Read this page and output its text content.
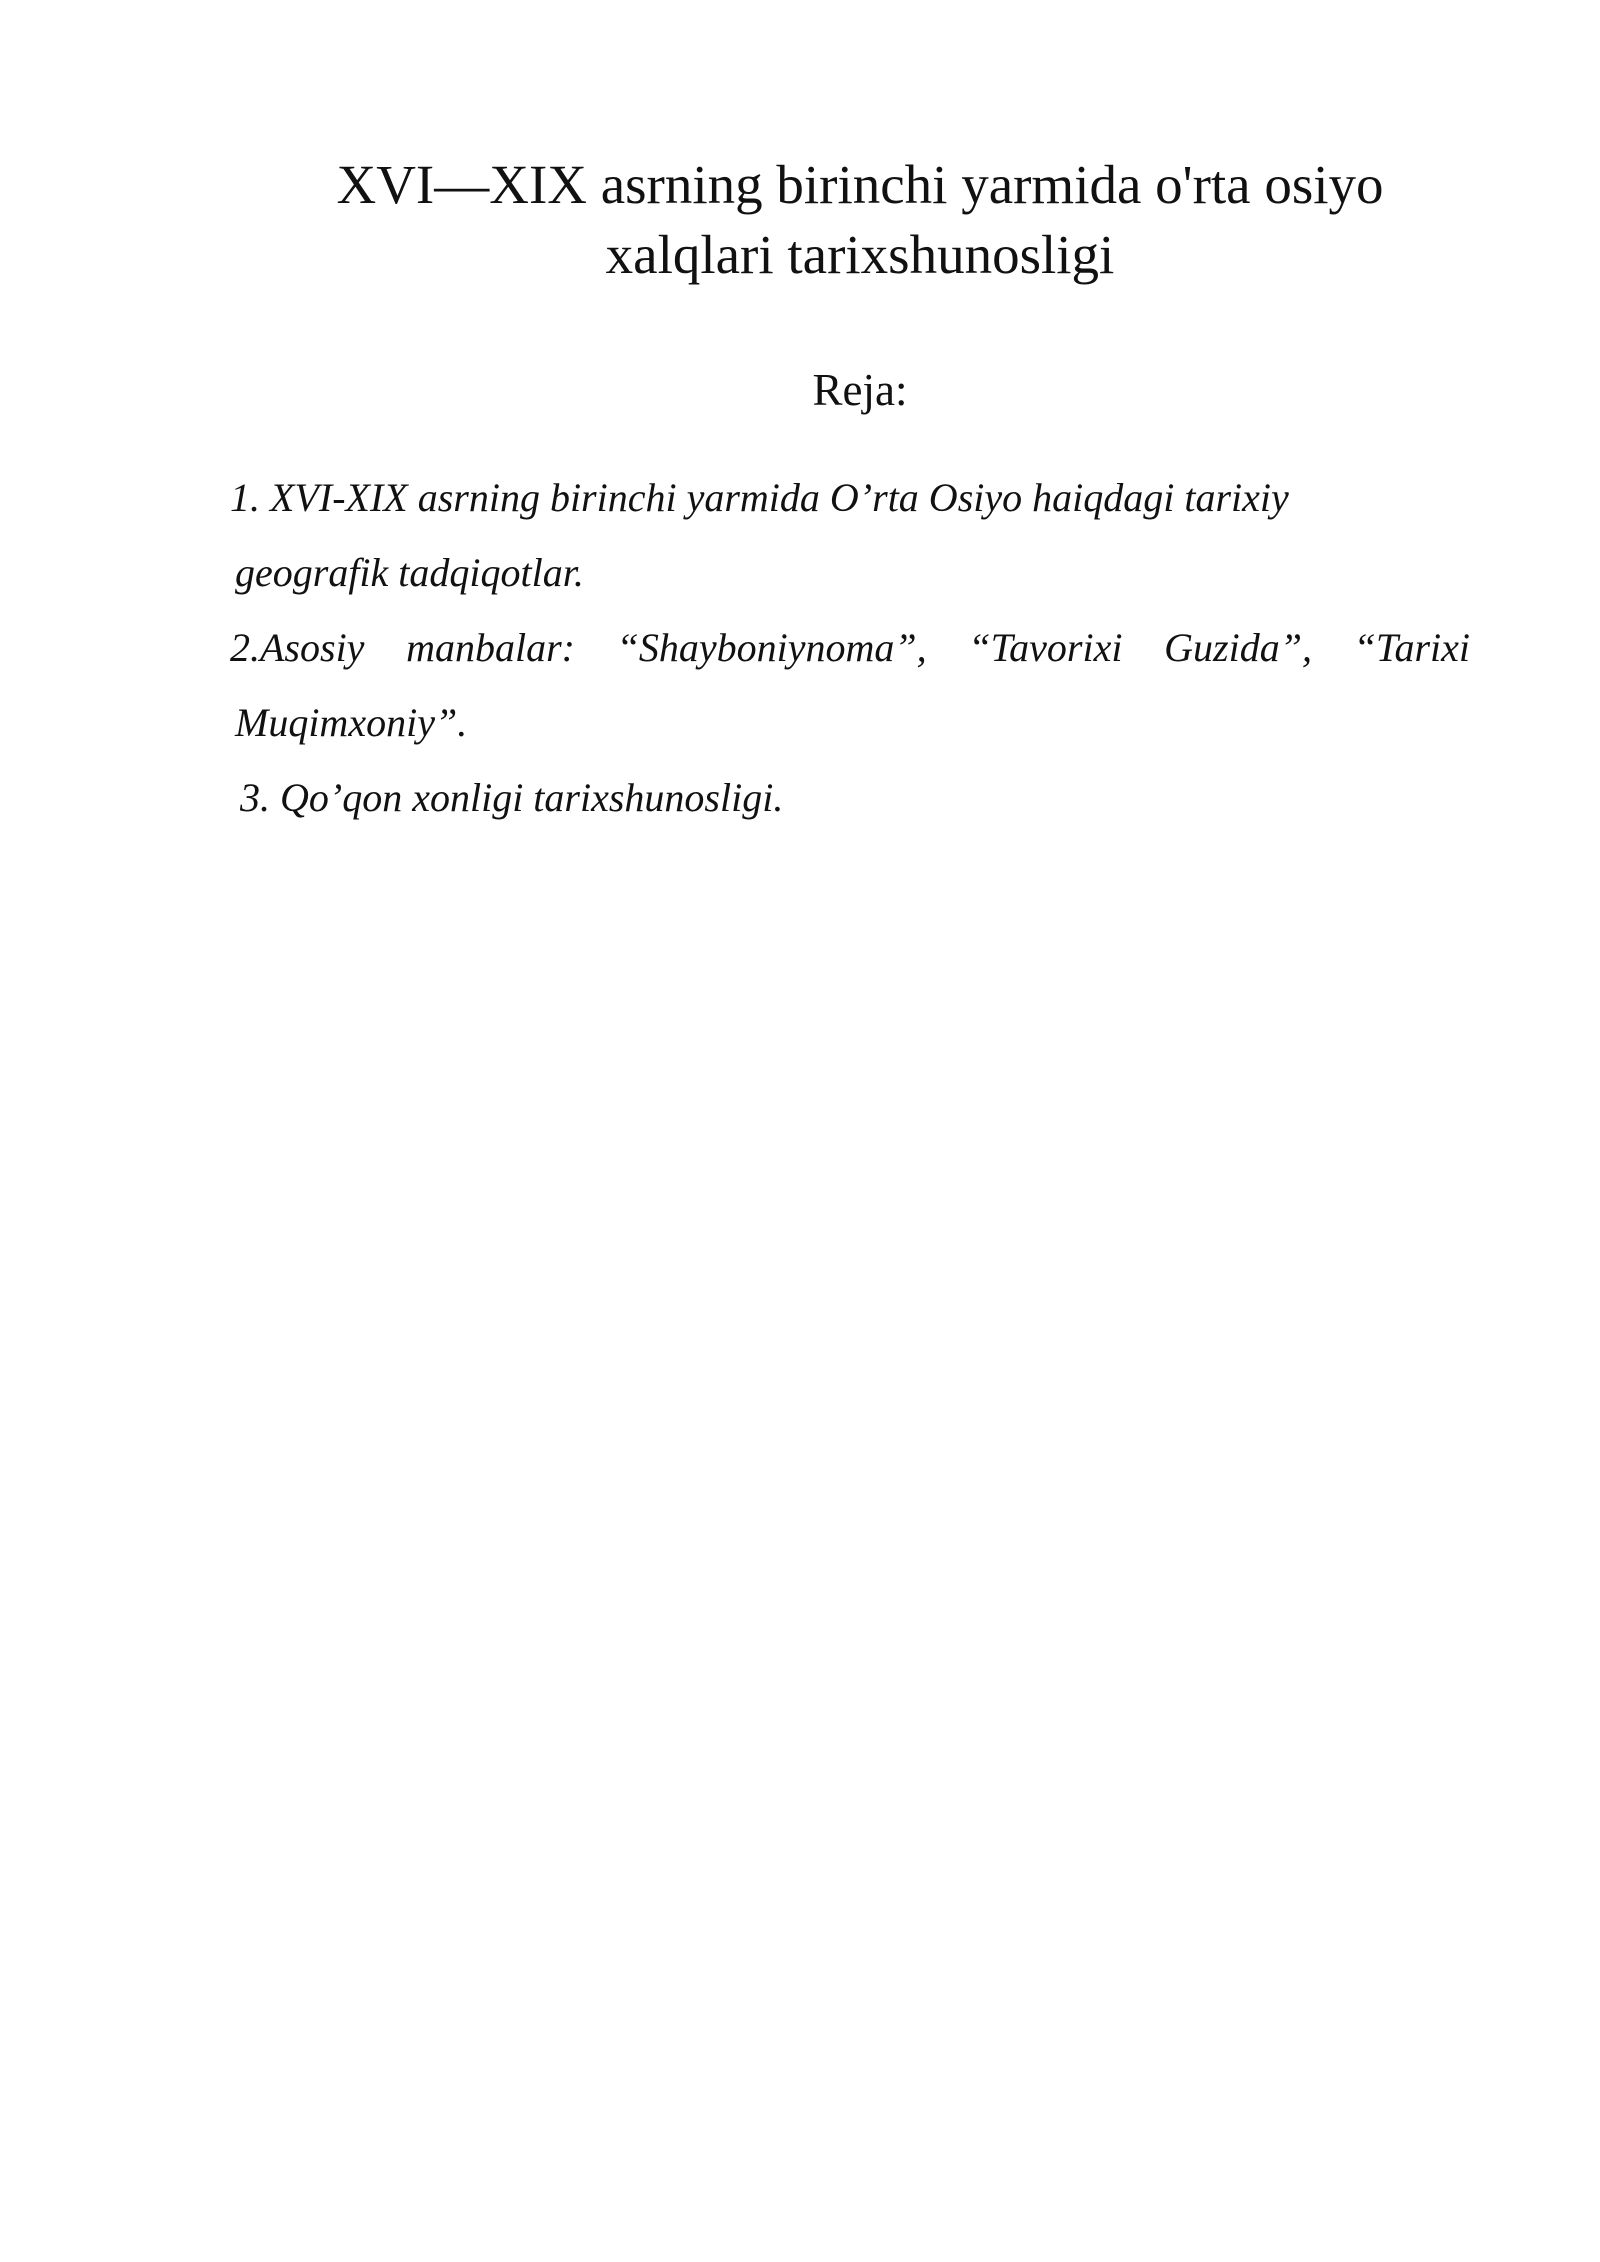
XVI—XIX asrning birinchi yarmida o'rta osiyo
xalqlari tarixshunosligi

Reja:

1. XVI-XIX asrning birinchi yarmida O’rta Osiyo haiqdagi tarixiy
geografik tadqiqotlar.
2.Asosiy manbalar: “Shayboniynoma”, “Tavorixi Guzida”, “Tarixi
Muqimxoniy”.
3. Qo’qon xonligi tarixshunosligi.
